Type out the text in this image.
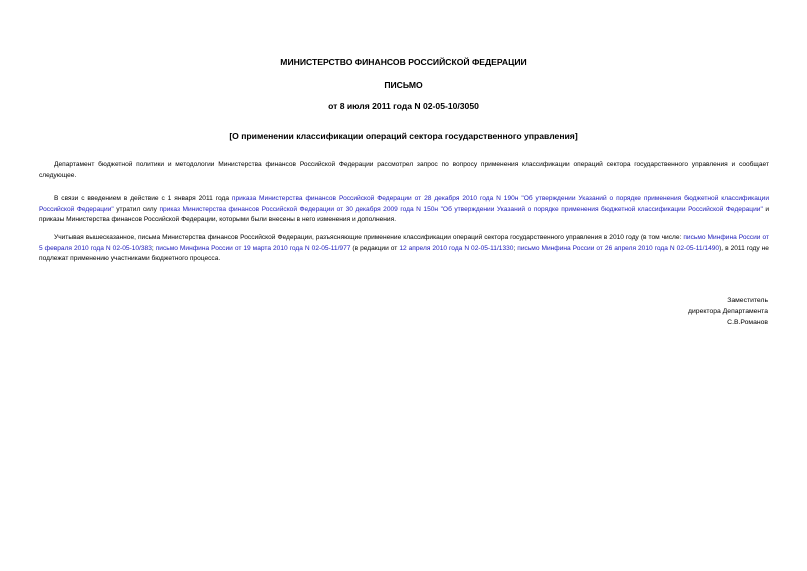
МИНИСТЕРСТВО ФИНАНСОВ РОССИЙСКОЙ ФЕДЕРАЦИИ
ПИСЬМО
от 8 июля 2011 года N 02-05-10/3050
[О применении классификации операций сектора государственного управления]

Департамент бюджетной политики и методологии Министерства финансов Российской Федерации рассмотрел запрос по вопросу применения классификации операций сектора государственного управления и сообщает следующее.

В связи с введением в действие с 1 января 2011 года приказа Министерства финансов Российской Федерации от 28 декабря 2010 года N 190н "Об утверждении Указаний о порядке применения бюджетной классификации Российской Федерации" утратил силу приказ Министерства финансов Российской Федерации от 30 декабря 2009 года N 150н "Об утверждении Указаний о порядке применения бюджетной классификации Российской Федерации" и приказы Министерства финансов Российской Федерации, которыми были внесены в него изменения и дополнения.

Учитывая вышесказанное, письма Министерства финансов Российской Федерации, разъясняющие применение классификации операций сектора государственного управления в 2010 году (в том числе: письмо Минфина России от 5 февраля 2010 года N 02-05-10/383; письмо Минфина России от 19 марта 2010 года N 02-05-11/977 (в редакции от 12 апреля 2010 года N 02-05-11/1330; письмо Минфина России от 26 апреля 2010 года N 02-05-11/1490), в 2011 году не подлежат применению участниками бюджетного процесса.

Заместитель
директора Департамента
С.В.Романов
